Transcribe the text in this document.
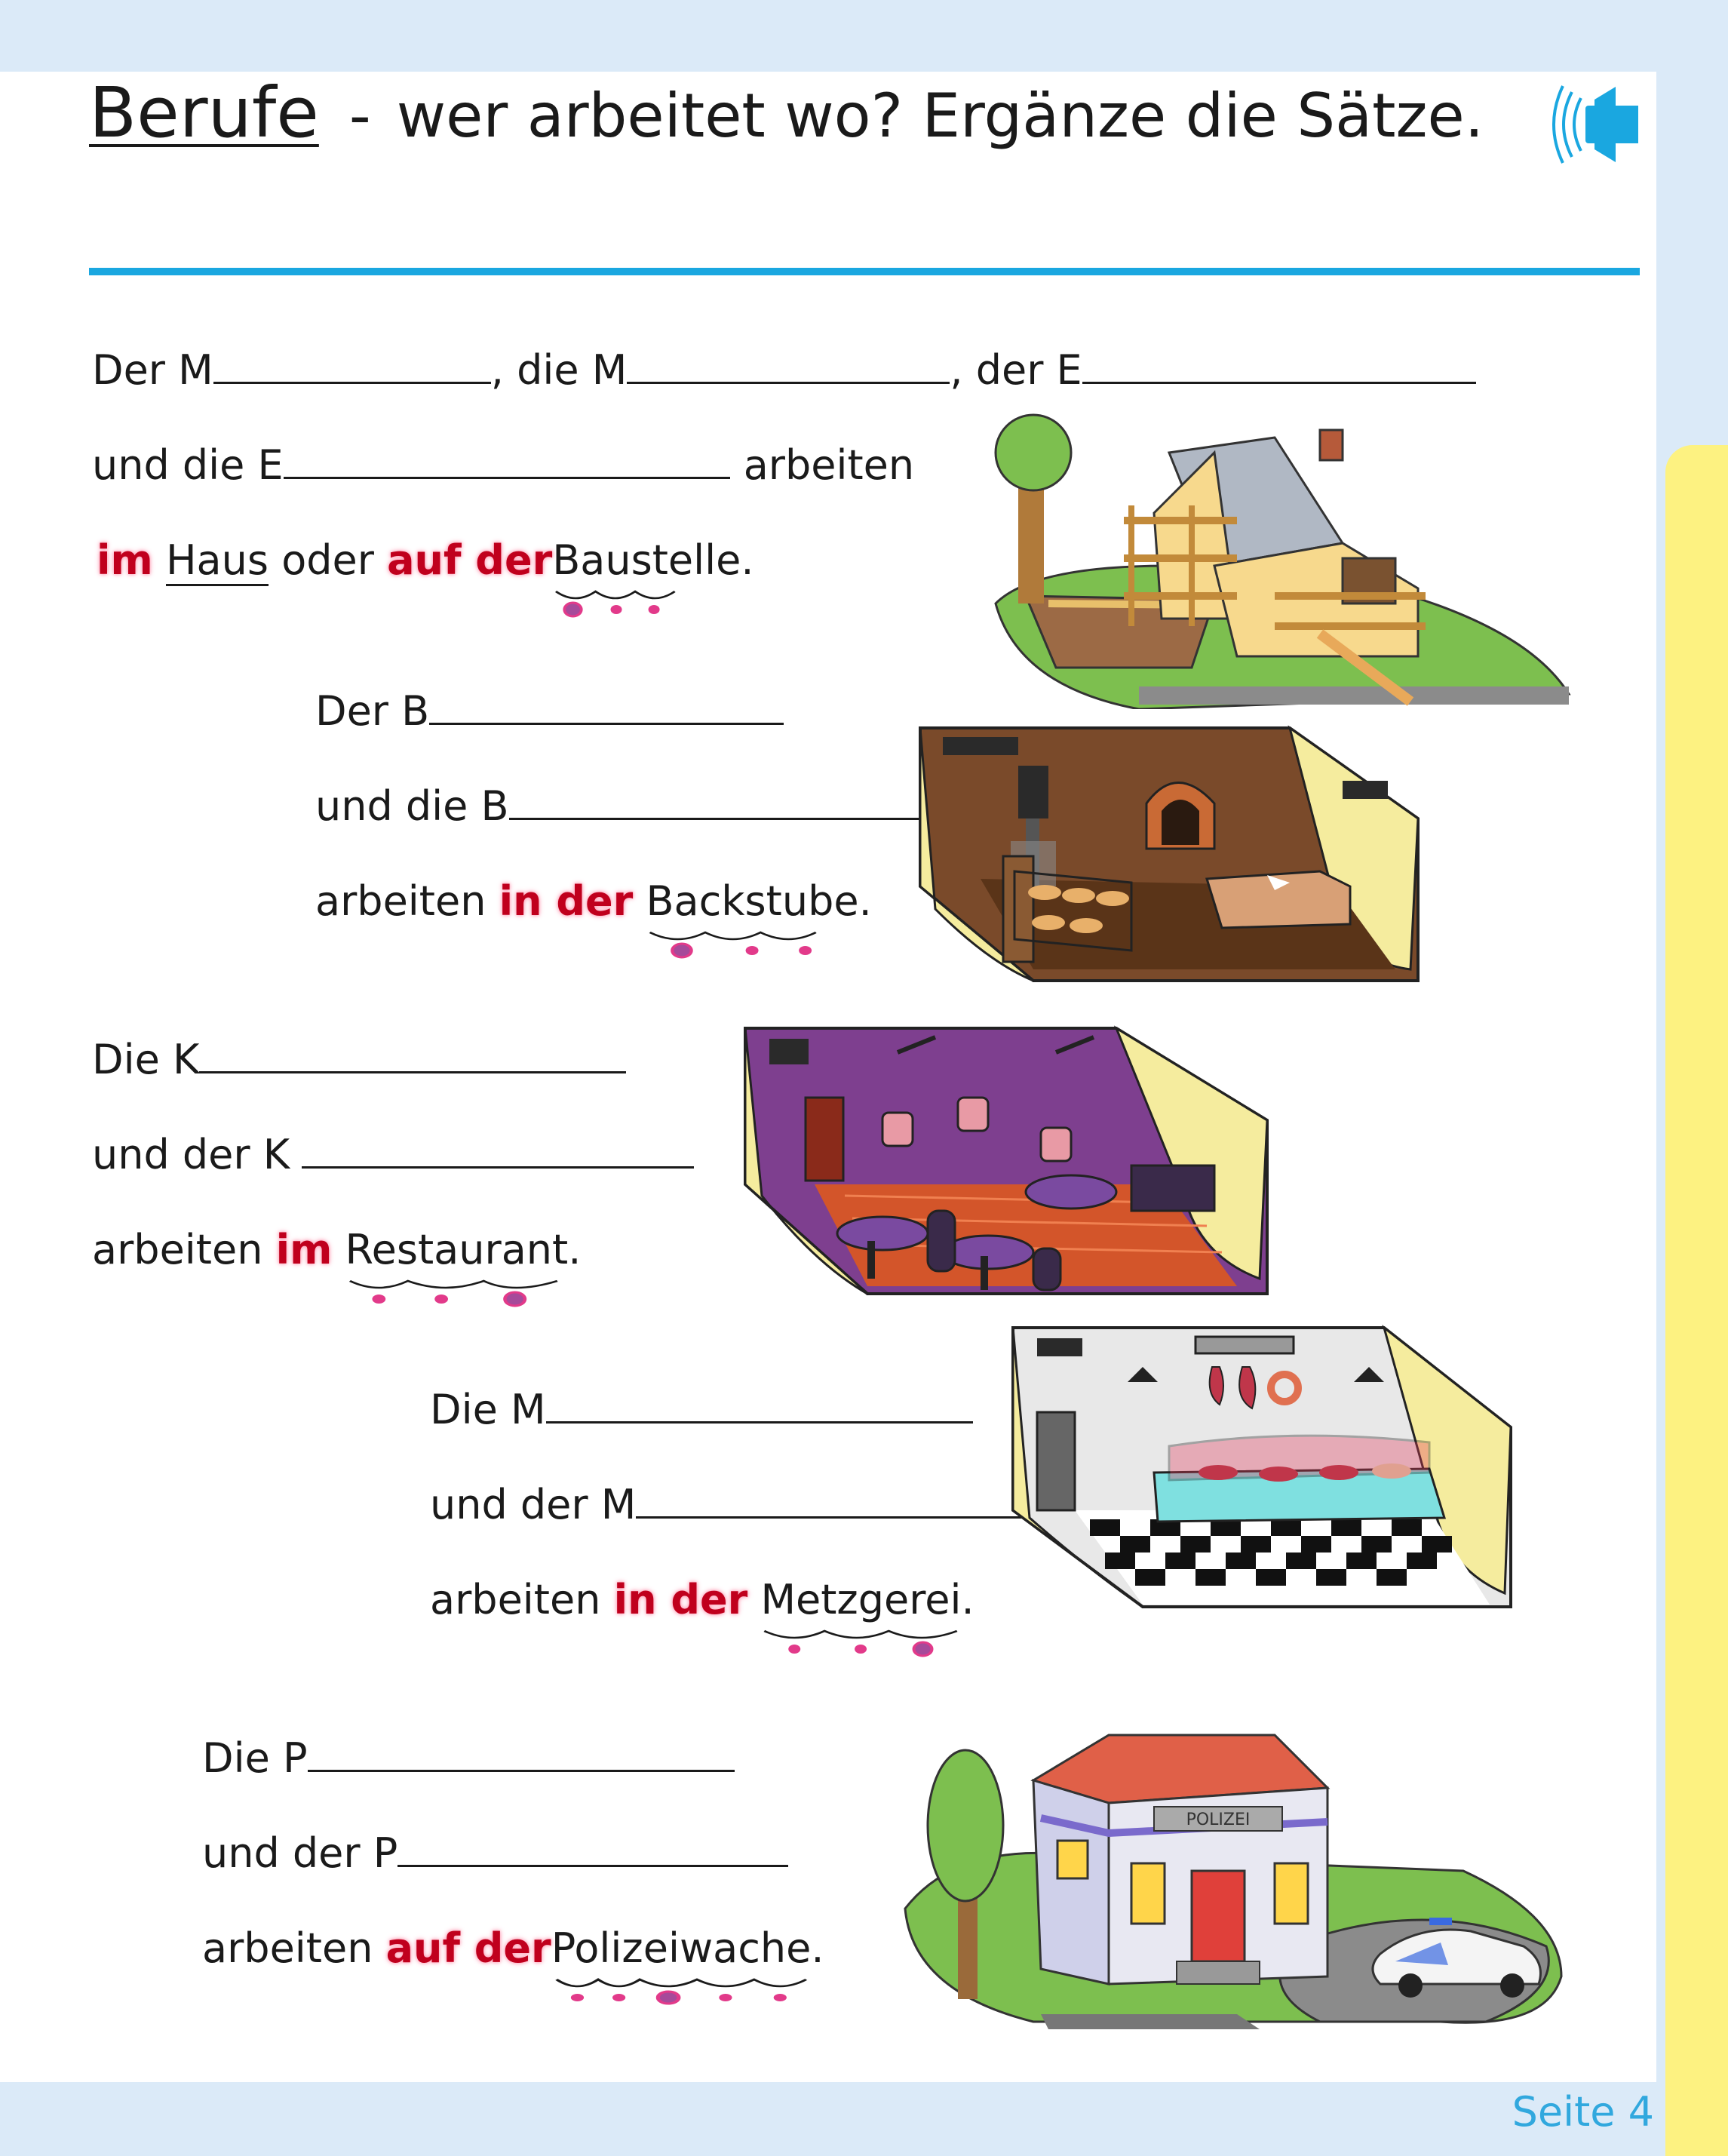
Seite 4
Berufe - wer arbeitet wo? Ergänze die Sätze.
Der M	, die M	, der E
und die E	arbeiten
im Haus oder auf derBaustelle
.
Der B
und die B
arbeiten in der Backstube
.
Die K
und der K
arbeiten im Restaurant
.
Die M
und der M
arbeiten in der Metzgerei
.
Die P
und der P
arbeiten auf derPolizeiwache
.
POLIZEI
